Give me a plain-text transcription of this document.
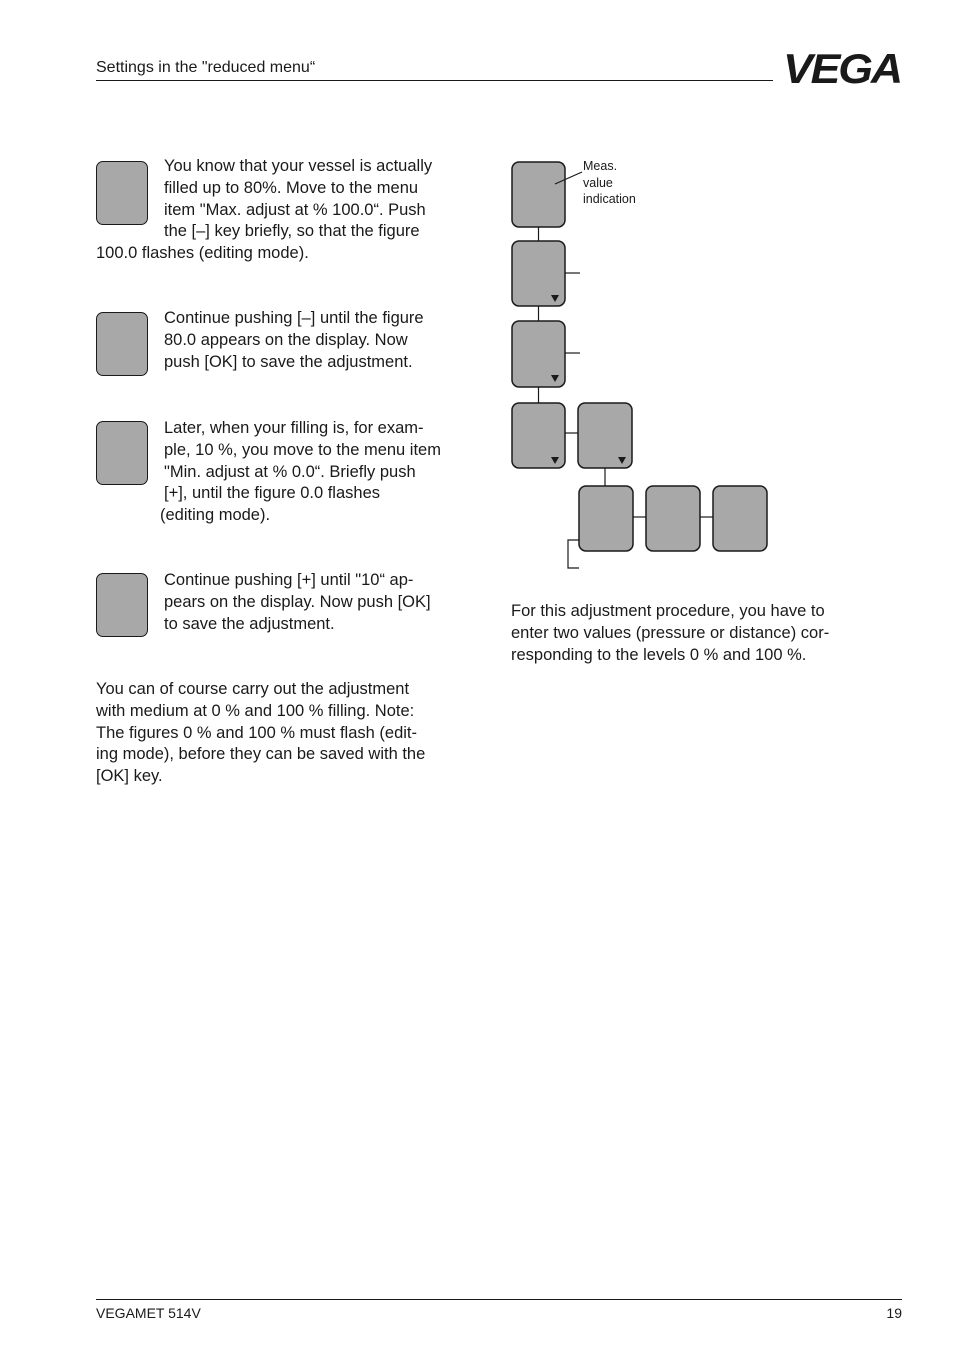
Settings in the "reduced menu“	VEGA
You know that your vessel is actually
filled up to 80%. Move to the menu
item "Max. adjust at % 100.0“. Push
the [–] key briefly, so that the figure
100.0 flashes (editing mode).
Continue pushing [–] until the figure
80.0 appears on the display. Now
push [OK] to save the adjustment.
Later, when your filling is, for exam-
ple, 10 %, you move to the menu item
"Min. adjust at % 0.0“. Briefly push
[+], until the figure 0.0 flashes
(editing mode).
Continue pushing [+] until "10“ ap-
pears on the display. Now push [OK]
to save the adjustment.
You can of course carry out the adjustment
with medium at 0 % and 100 % filling. Note:
The figures 0 % and 100 % must flash (edit-
ing mode), before they can be saved with the
[OK] key.
Meas.
value
indication
For this adjustment procedure, you have to
enter two values (pressure or distance) cor-
responding to the levels 0 % and 100 %.
VEGAMET 514V	19
